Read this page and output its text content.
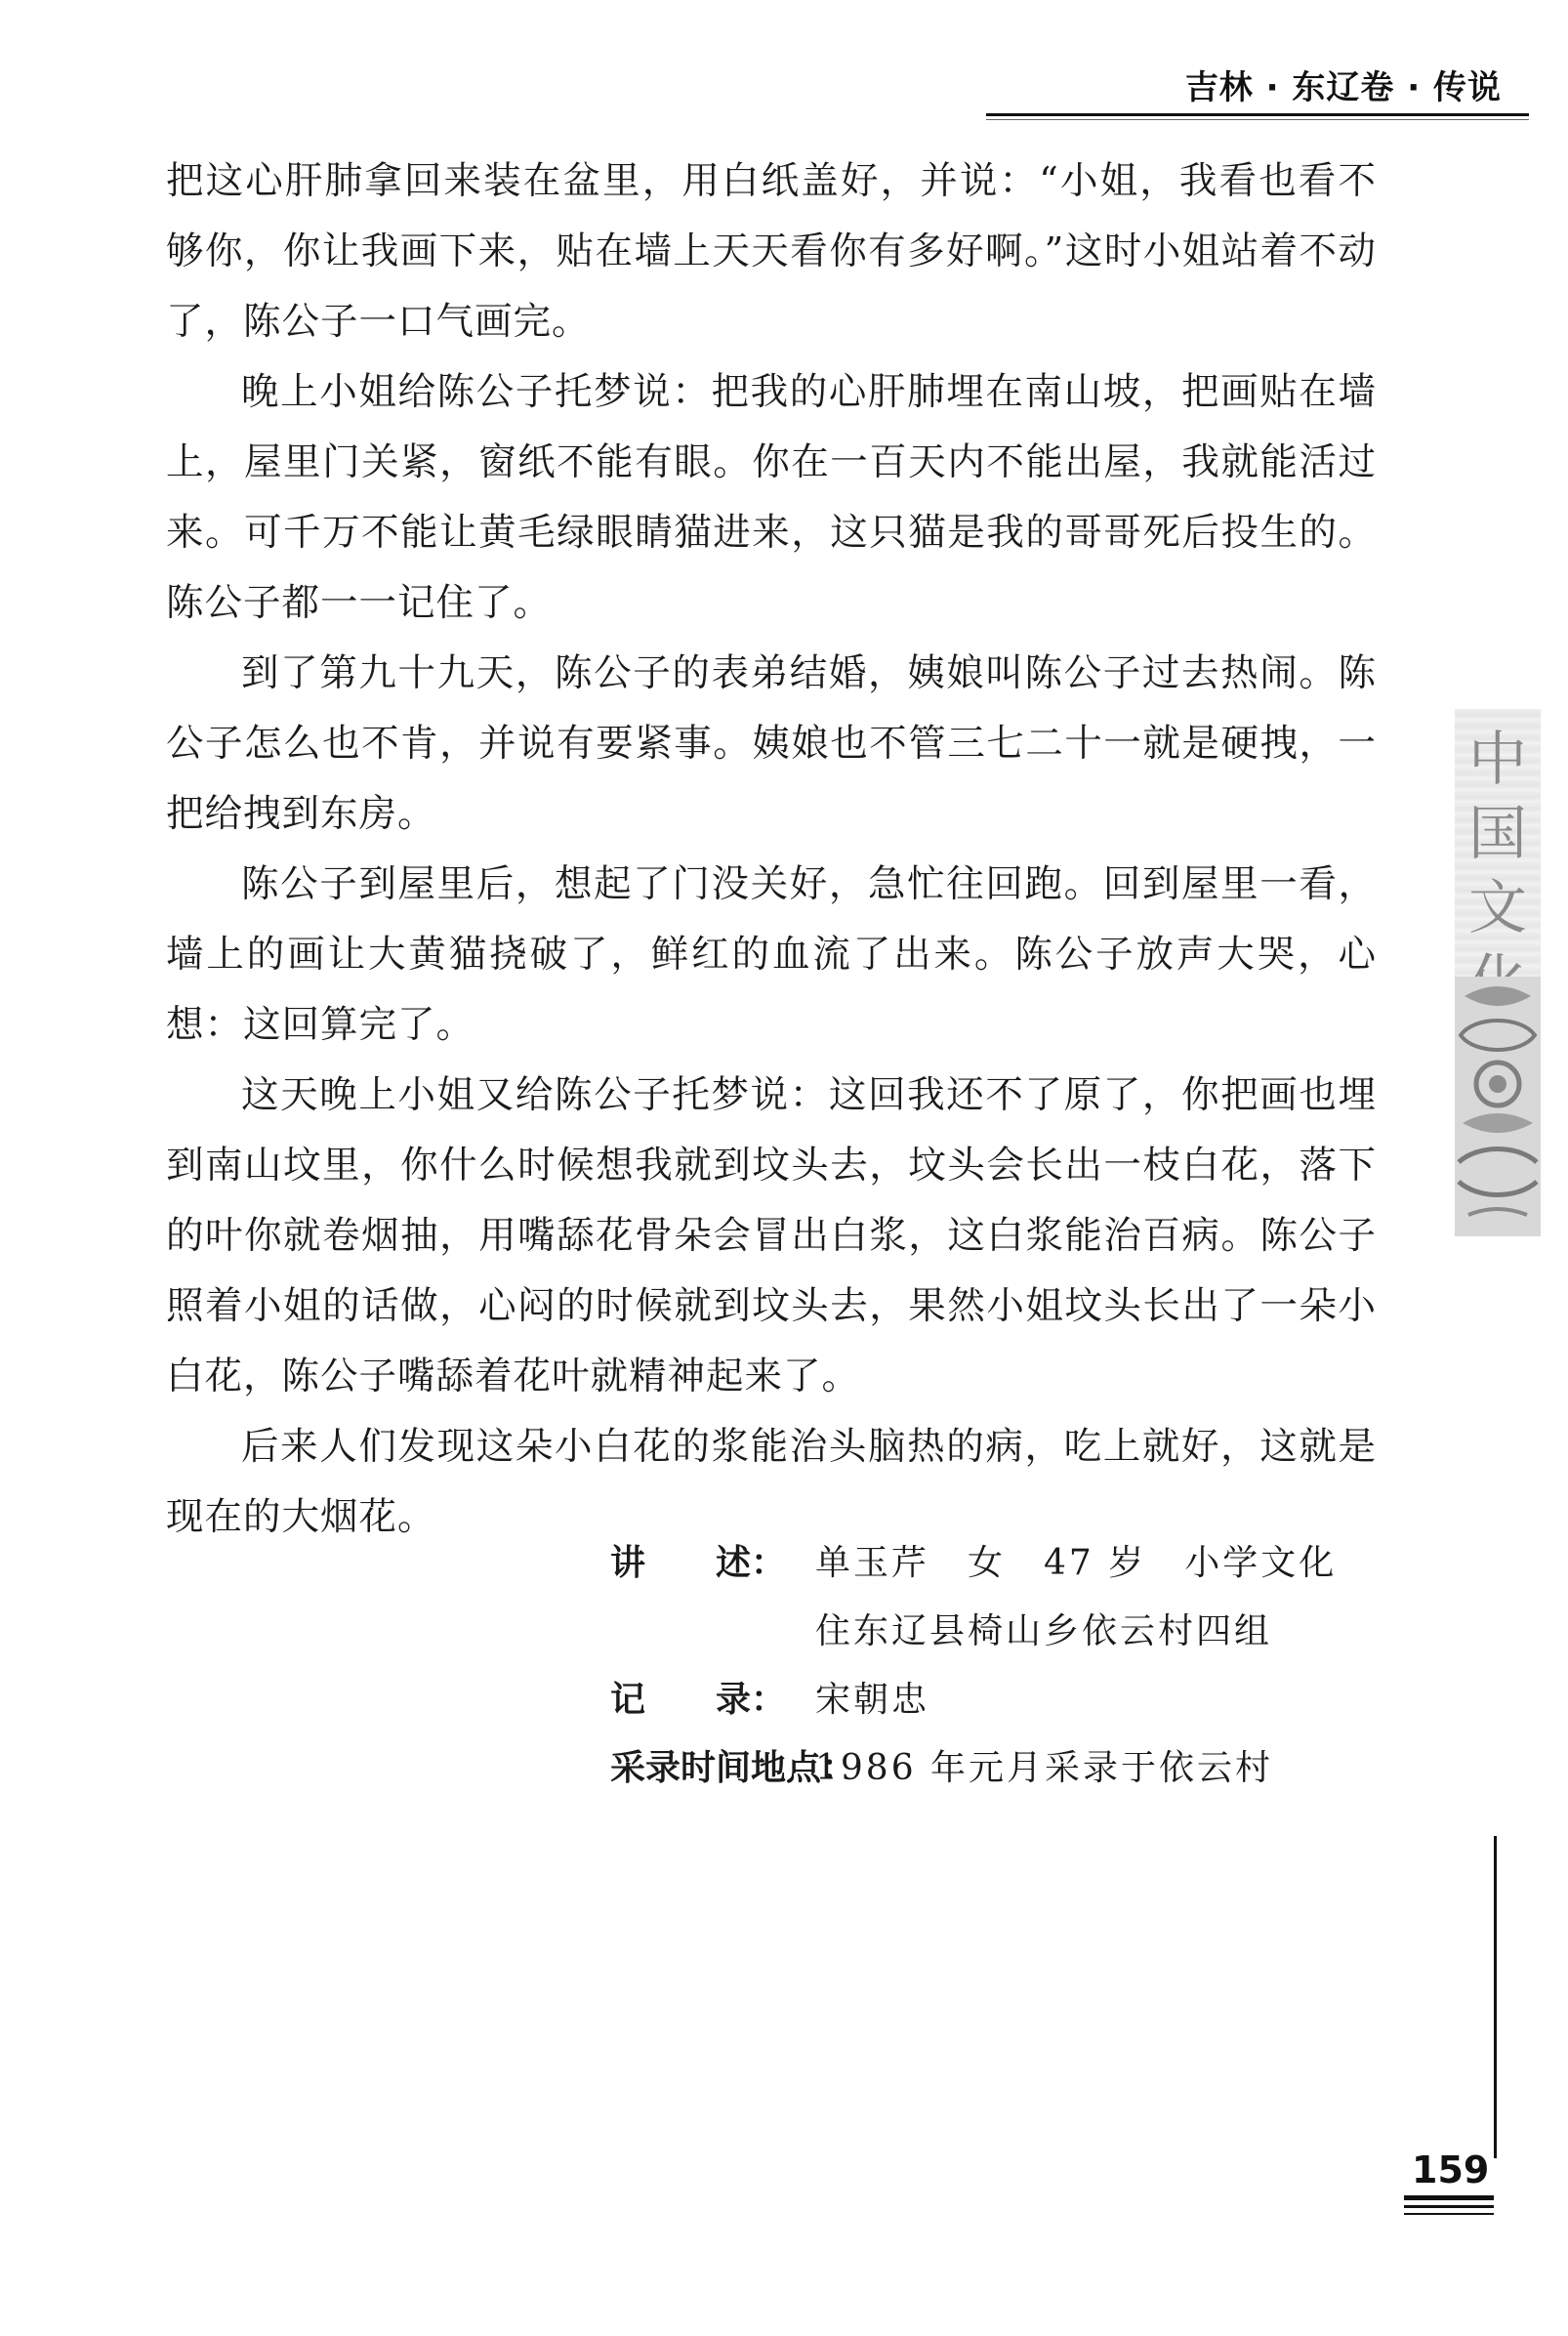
吉林 · 东辽卷 · 传说

把这心肝肺拿回来装在盆里，用白纸盖好，并说：“小姐，我看也看不够你，你让我画下来，贴在墙上天天看你有多好啊。”这时小姐站着不动了，陈公子一口气画完。

晚上小姐给陈公子托梦说：把我的心肝肺埋在南山坡，把画贴在墙上，屋里门关紧，窗纸不能有眼。你在一百天内不能出屋，我就能活过来。可千万不能让黄毛绿眼睛猫进来，这只猫是我的哥哥死后投生的。陈公子都一一记住了。

到了第九十九天，陈公子的表弟结婚，姨娘叫陈公子过去热闹。陈公子怎么也不肯，并说有要紧事。姨娘也不管三七二十一就是硬拽，一把给拽到东房。

陈公子到屋里后，想起了门没关好，急忙往回跑。回到屋里一看，墙上的画让大黄猫挠破了，鲜红的血流了出来。陈公子放声大哭，心想：这回算完了。

这天晚上小姐又给陈公子托梦说：这回我还不了原了，你把画也埋到南山坟里，你什么时候想我就到坟头去，坟头会长出一枝白花，落下的叶你就卷烟抽，用嘴舔花骨朵会冒出白浆，这白浆能治百病。陈公子照着小姐的话做，心闷的时候就到坟头去，果然小姐坟头长出了一朵小白花，陈公子嘴舔着花叶就精神起来了。

后来人们发现这朵小白花的浆能治头脑热的病，吃上就好，这就是现在的大烟花。

讲　　述： 单玉芹　女　47 岁　小学文化
住东辽县椅山乡依云村四组
记　　录： 宋朝忠
采录时间地点：
1986 年元月采录于依云村
中国文
159
